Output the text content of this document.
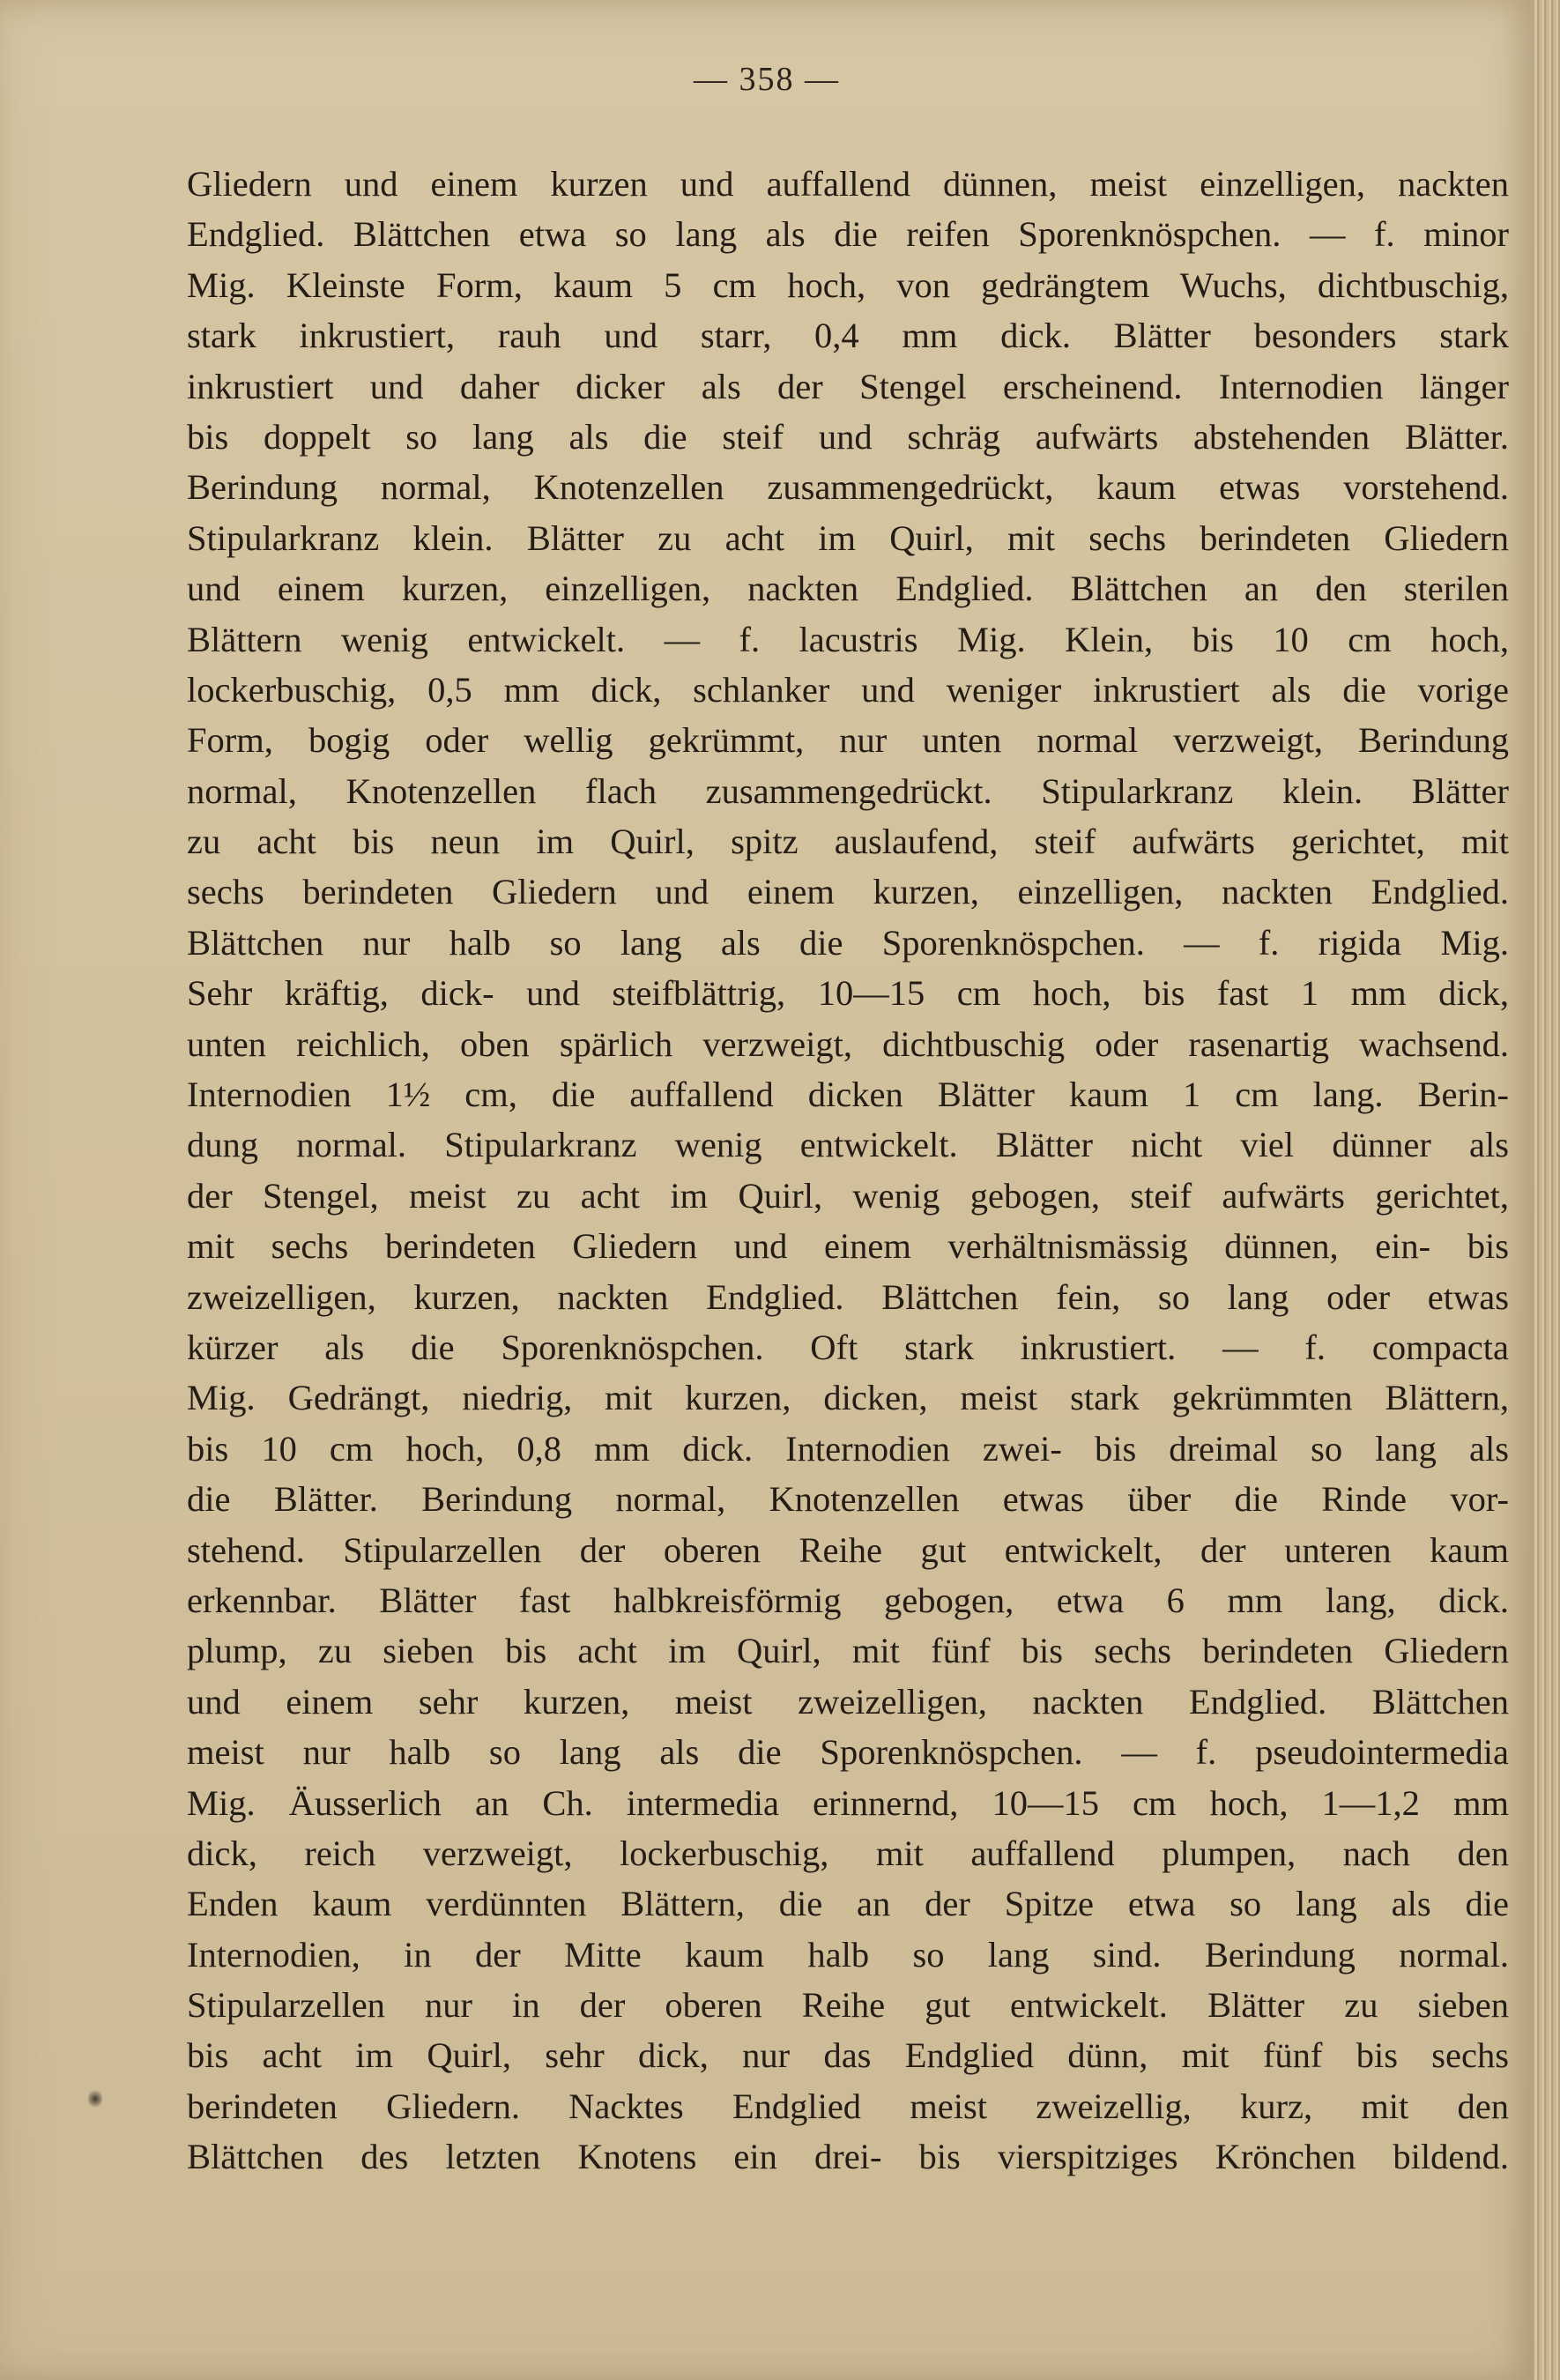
— 358 —
Gliedern und einem kurzen und auffallend dünnen, meist einzelligen, nackten
Endglied. Blättchen etwa so lang als die reifen Sporenknöspchen. — f. minor
Mig. Kleinste Form, kaum 5 cm hoch, von gedrängtem Wuchs, dichtbuschig,
stark inkrustiert, rauh und starr, 0,4 mm dick. Blätter besonders stark
inkrustiert und daher dicker als der Stengel erscheinend. Internodien länger
bis doppelt so lang als die steif und schräg aufwärts abstehenden Blätter.
Berindung normal, Knotenzellen zusammengedrückt, kaum etwas vorstehend.
Stipularkranz klein. Blätter zu acht im Quirl, mit sechs berindeten Gliedern
und einem kurzen, einzelligen, nackten Endglied. Blättchen an den sterilen
Blättern wenig entwickelt. — f. lacustris Mig. Klein, bis 10 cm hoch,
lockerbuschig, 0,5 mm dick, schlanker und weniger inkrustiert als die vorige
Form, bogig oder wellig gekrümmt, nur unten normal verzweigt, Berindung
normal, Knotenzellen flach zusammengedrückt. Stipularkranz klein. Blätter
zu acht bis neun im Quirl, spitz auslaufend, steif aufwärts gerichtet, mit
sechs berindeten Gliedern und einem kurzen, einzelligen, nackten Endglied.
Blättchen nur halb so lang als die Sporenknöspchen. — f. rigida Mig.
Sehr kräftig, dick- und steifblättrig, 10—15 cm hoch, bis fast 1 mm dick,
unten reichlich, oben spärlich verzweigt, dichtbuschig oder rasenartig wachsend.
Internodien 1½ cm, die auffallend dicken Blätter kaum 1 cm lang. Berin-
dung normal. Stipularkranz wenig entwickelt. Blätter nicht viel dünner als
der Stengel, meist zu acht im Quirl, wenig gebogen, steif aufwärts gerichtet,
mit sechs berindeten Gliedern und einem verhältnismässig dünnen, ein- bis
zweizelligen, kurzen, nackten Endglied. Blättchen fein, so lang oder etwas
kürzer als die Sporenknöspchen. Oft stark inkrustiert. — f. compacta
Mig. Gedrängt, niedrig, mit kurzen, dicken, meist stark gekrümmten Blättern,
bis 10 cm hoch, 0,8 mm dick. Internodien zwei- bis dreimal so lang als
die Blätter. Berindung normal, Knotenzellen etwas über die Rinde vor-
stehend. Stipularzellen der oberen Reihe gut entwickelt, der unteren kaum
erkennbar. Blätter fast halbkreisförmig gebogen, etwa 6 mm lang, dick.
plump, zu sieben bis acht im Quirl, mit fünf bis sechs berindeten Gliedern
und einem sehr kurzen, meist zweizelligen, nackten Endglied. Blättchen
meist nur halb so lang als die Sporenknöspchen. — f. pseudointermedia
Mig. Äusserlich an Ch. intermedia erinnernd, 10—15 cm hoch, 1—1,2 mm
dick, reich verzweigt, lockerbuschig, mit auffallend plumpen, nach den
Enden kaum verdünnten Blättern, die an der Spitze etwa so lang als die
Internodien, in der Mitte kaum halb so lang sind. Berindung normal.
Stipularzellen nur in der oberen Reihe gut entwickelt. Blätter zu sieben
bis acht im Quirl, sehr dick, nur das Endglied dünn, mit fünf bis sechs
berindeten Gliedern. Nacktes Endglied meist zweizellig, kurz, mit den
Blättchen des letzten Knotens ein drei- bis vierspitziges Krönchen bildend.
